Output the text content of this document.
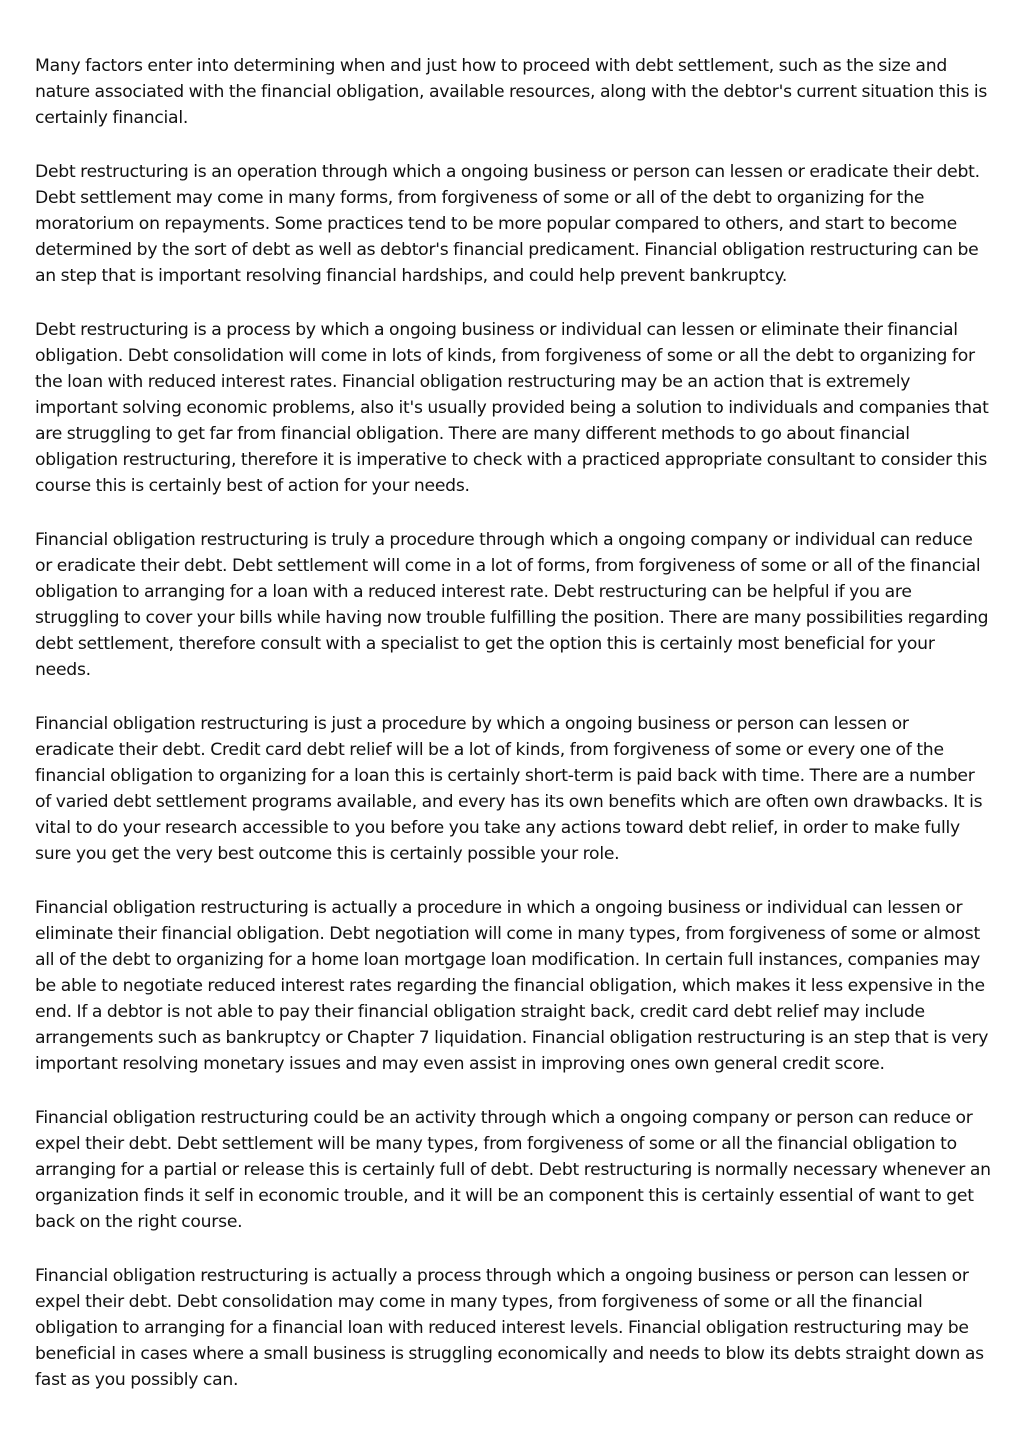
Many factors enter into determining when and just how to proceed with debt settlement, such as the size and nature associated with the financial obligation, available resources, along with the debtor's current situation this is certainly financial.

Debt restructuring is an operation through which a ongoing business or person can lessen or eradicate their debt. Debt settlement may come in many forms, from forgiveness of some or all of the debt to organizing for the moratorium on repayments. Some practices tend to be more popular compared to others, and start to become determined by the sort of debt as well as debtor's financial predicament. Financial obligation restructuring can be an step that is important resolving financial hardships, and could help prevent bankruptcy.

Debt restructuring is a process by which a ongoing business or individual can lessen or eliminate their financial obligation. Debt consolidation will come in lots of kinds, from forgiveness of some or all the debt to organizing for the loan with reduced interest rates. Financial obligation restructuring may be an action that is extremely important solving economic problems, also it's usually provided being a solution to individuals and companies that are struggling to get far from financial obligation. There are many different methods to go about financial obligation restructuring, therefore it is imperative to check with a practiced appropriate consultant to consider this course this is certainly best of action for your needs.

Financial obligation restructuring is truly a procedure through which a ongoing company or individual can reduce or eradicate their debt. Debt settlement will come in a lot of forms, from forgiveness of some or all of the financial obligation to arranging for a loan with a reduced interest rate. Debt restructuring can be helpful if you are struggling to cover your bills while having now trouble fulfilling the position. There are many possibilities regarding debt settlement, therefore consult with a specialist to get the option this is certainly most beneficial for your needs.

Financial obligation restructuring is just a procedure by which a ongoing business or person can lessen or eradicate their debt. Credit card debt relief will be a lot of kinds, from forgiveness of some or every one of the financial obligation to organizing for a loan this is certainly short-term is paid back with time. There are a number of varied debt settlement programs available, and every has its own benefits which are often own drawbacks. It is vital to do your research accessible to you before you take any actions toward debt relief, in order to make fully sure you get the very best outcome this is certainly possible your role.

Financial obligation restructuring is actually a procedure in which a ongoing business or individual can lessen or eliminate their financial obligation. Debt negotiation will come in many types, from forgiveness of some or almost all of the debt to organizing for a home loan mortgage loan modification. In certain full instances, companies may be able to negotiate reduced interest rates regarding the financial obligation, which makes it less expensive in the end. If a debtor is not able to pay their financial obligation straight back, credit card debt relief may include arrangements such as bankruptcy or Chapter 7 liquidation. Financial obligation restructuring is an step that is very important resolving monetary issues and may even assist in improving ones own general credit score.

Financial obligation restructuring could be an activity through which a ongoing company or person can reduce or expel their debt. Debt settlement will be many types, from forgiveness of some or all the financial obligation to arranging for a partial or release this is certainly full of debt. Debt restructuring is normally necessary whenever an organization finds it self in economic trouble, and it will be an component this is certainly essential of want to get back on the right course.

Financial obligation restructuring is actually a process through which a ongoing business or person can lessen or expel their debt. Debt consolidation may come in many types, from forgiveness of some or all the financial obligation to arranging for a financial loan with reduced interest levels. Financial obligation restructuring may be beneficial in cases where a small business is struggling economically and needs to blow its debts straight down as fast as you possibly can.
